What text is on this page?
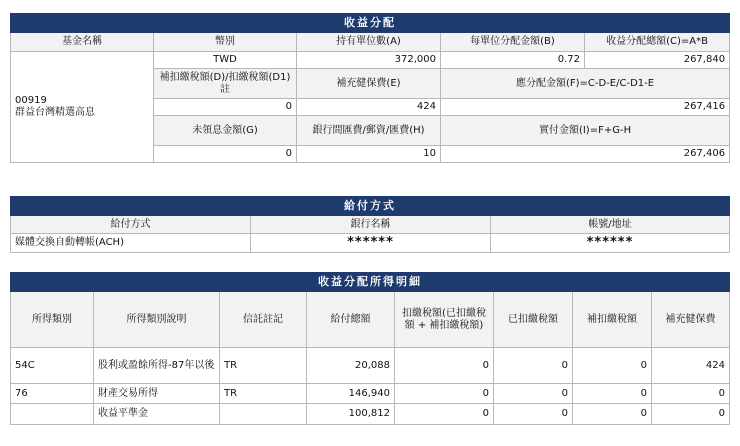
收益分配				
基金名稱	幣別	持有單位數(A)	每單位分配金額(B)	收益分配總額(C)=A*B

00919
群益台灣精選高息	TWD	372,000	0.72	267,840
	補扣繳稅額(D)/扣繳稅額(D1)註	補充健保費(E)	應分配金額(F)=C-D-E/C-D1-E	
	0	424	267,416	
	未領息金額(G)	銀行間匯費/郵資/匯費(H)	實付金額(I)=F+G-H	
	0	10	267,406	
給付方式		
給付方式	銀行名稱	帳號/地址
媒體交換自動轉帳(ACH)	******	******
收益分配所得明細							
所得類別	所得類別說明	信託註記	給付總額	扣繳稅額(已扣繳稅額 + 補扣繳稅額)	已扣繳稅額	補扣繳稅額	補充健保費
54C	股利或盈餘所得-87年以後	TR	20,088	0	0	0	424
76	財產交易所得	TR	146,940	0	0	0	0
	收益平準金		100,812	0	0	0	0
